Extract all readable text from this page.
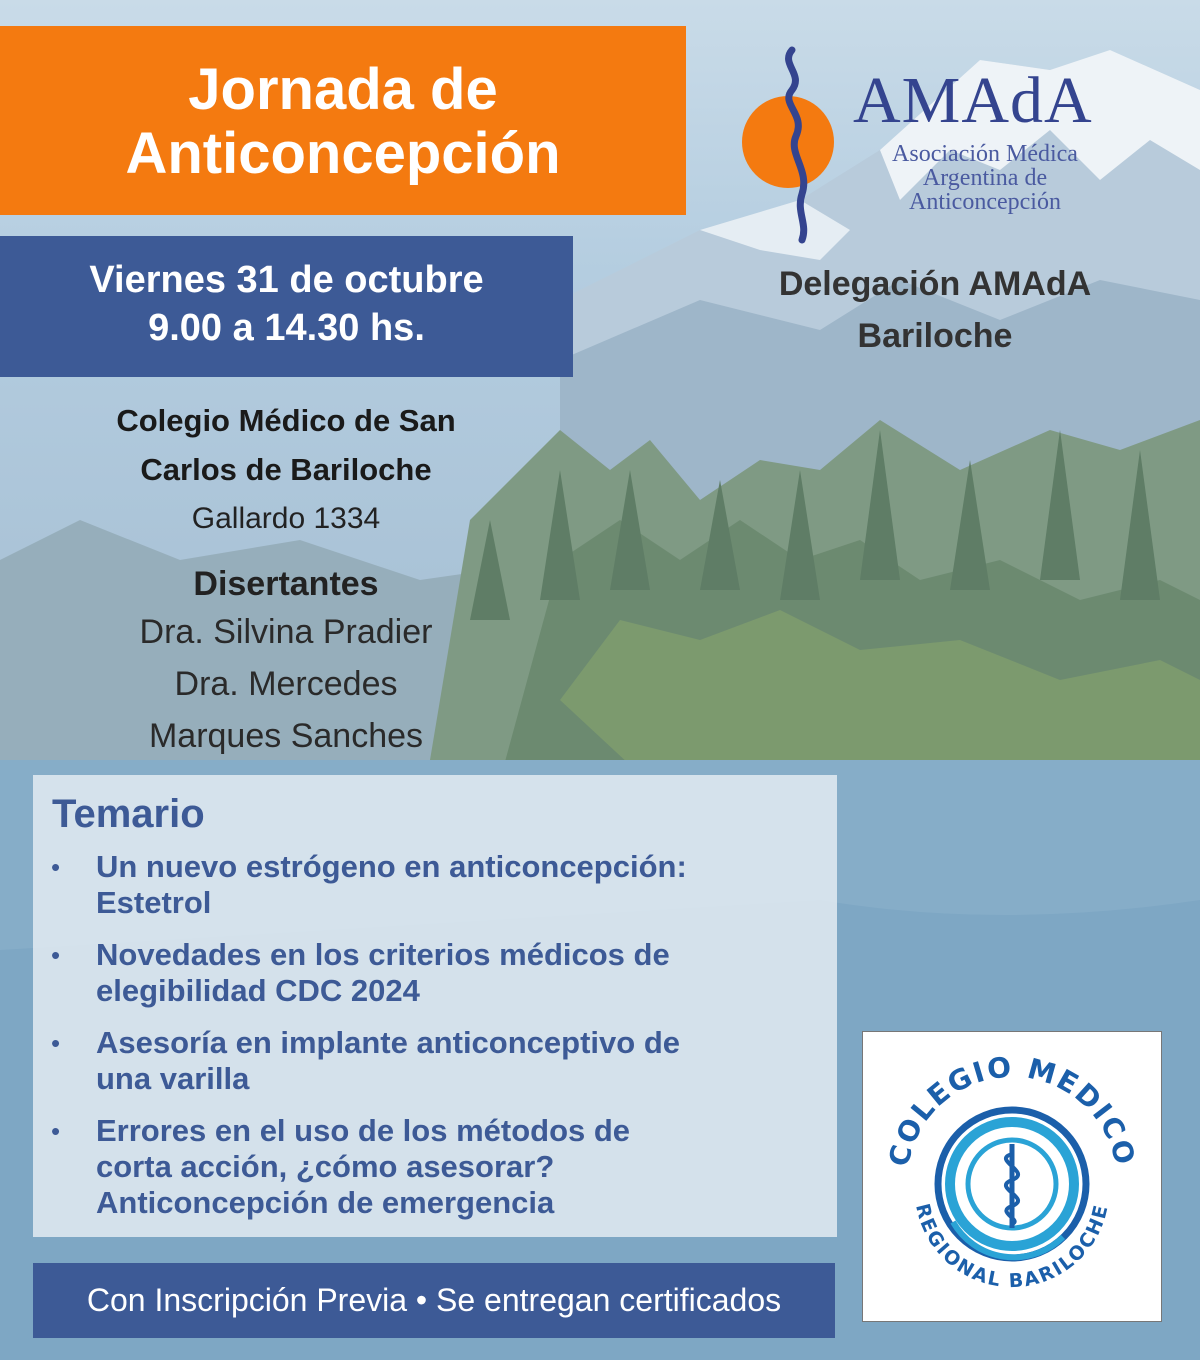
Jornada de
Anticoncepción
Viernes 31 de octubre
9.00 a 14.30 hs.
AMAdA
Asociación Médica
Argentina de
Anticoncepción
Delegación AMAdA
Bariloche
Colegio Médico de San
Carlos de Bariloche
Gallardo 1334
Disertantes
Dra. Silvina Pradier
Dra. Mercedes
Marques Sanches
Temario
• Un nuevo estrógeno en anticoncepción:
Estetrol
• Novedades en los criterios médicos de
elegibilidad CDC 2024
• Asesoría en implante anticonceptivo de
una varilla
• Errores en el uso de los métodos de
corta acción, ¿cómo asesorar?
Anticoncepción de emergencia
Con Inscripción Previa • Se entregan certificados
COLEGIO MEDICO
REGIONAL BARILOCHE
